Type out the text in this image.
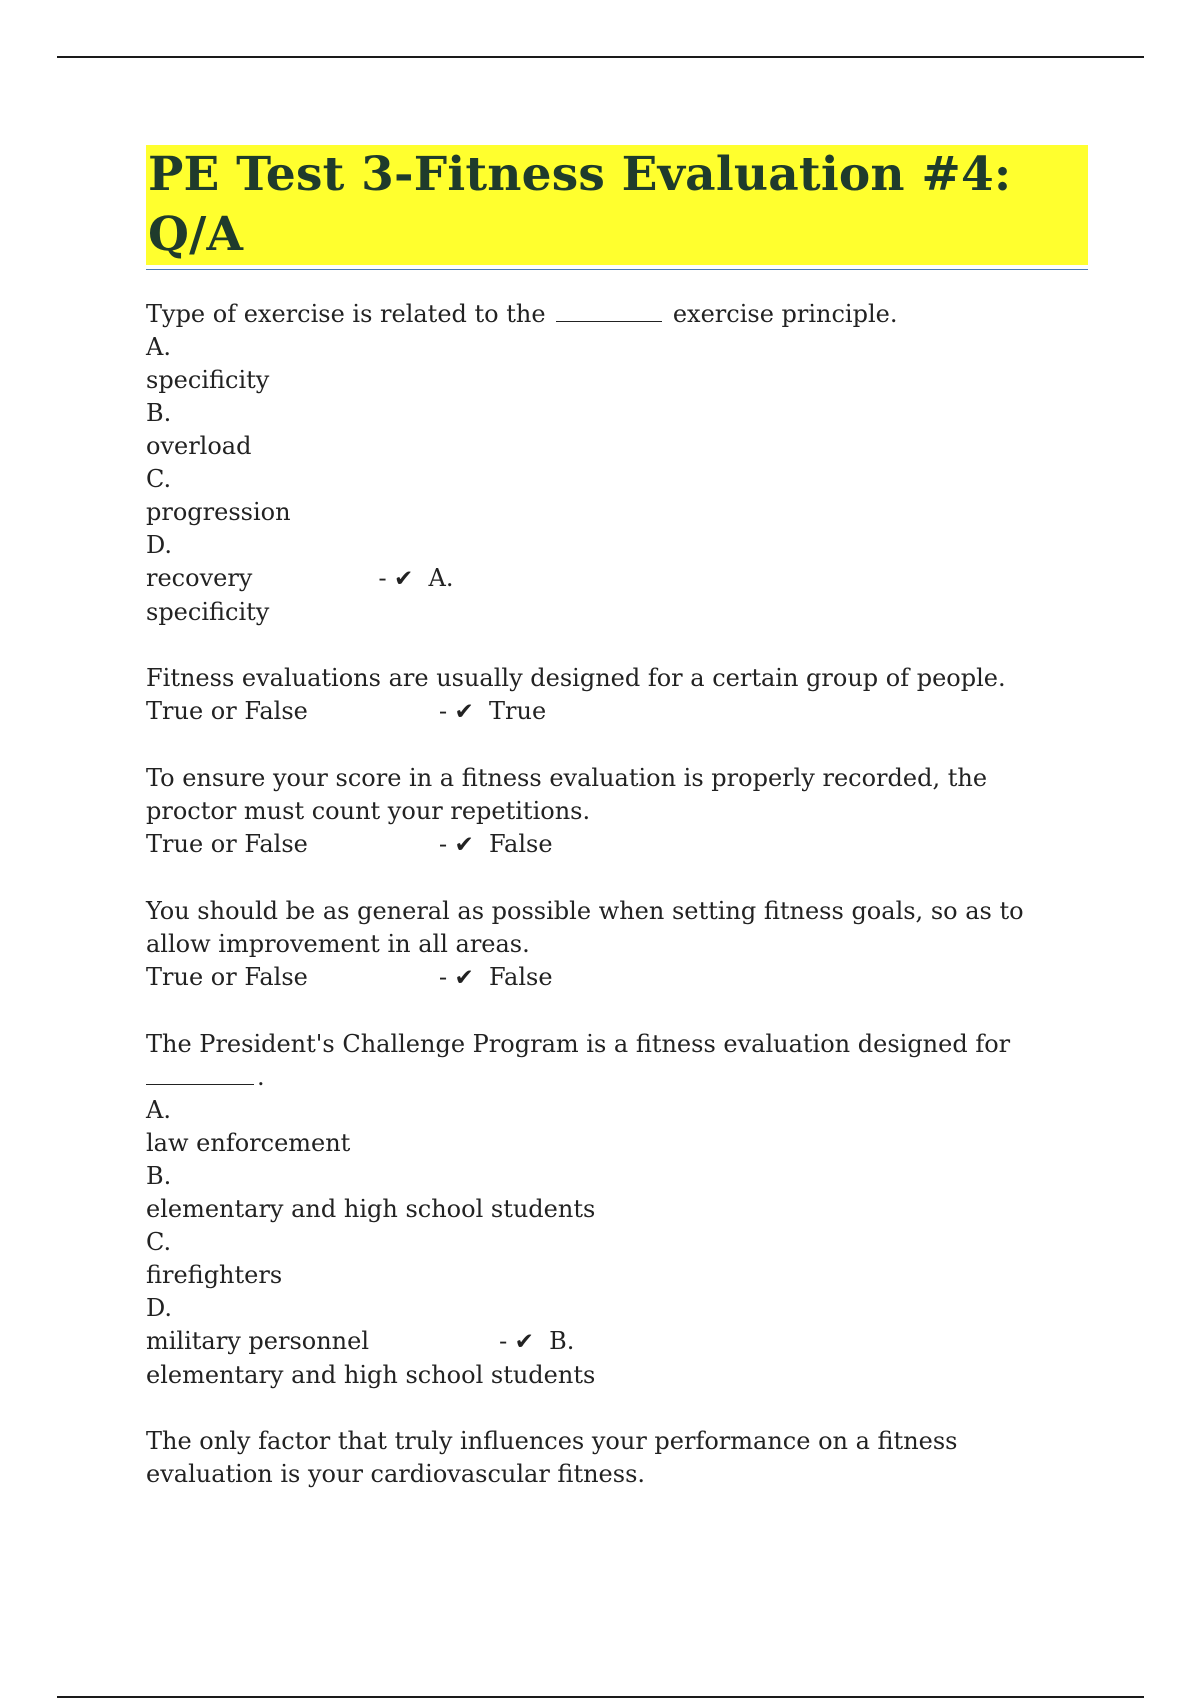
PE Test 3-Fitness Evaluation #4: Q/A
Type of exercise is related to the	exercise principle.
A.
specificity
B.
overload
C.
progression
D.
recovery	- ✔ A.
specificity
Fitness evaluations are usually designed for a certain group of people.
True or False	- ✔ True
To ensure your score in a fitness evaluation is properly recorded, the
proctor must count your repetitions.
True or False	- ✔ False
You should be as general as possible when setting fitness goals, so as to
allow improvement in all areas.
True or False	- ✔ False
The President's Challenge Program is a fitness evaluation designed for
.
A.
law enforcement
B.
elementary and high school students
C.
firefighters
D.
military personnel	- ✔ B.
elementary and high school students
The only factor that truly influences your performance on a fitness
evaluation is your cardiovascular fitness.
